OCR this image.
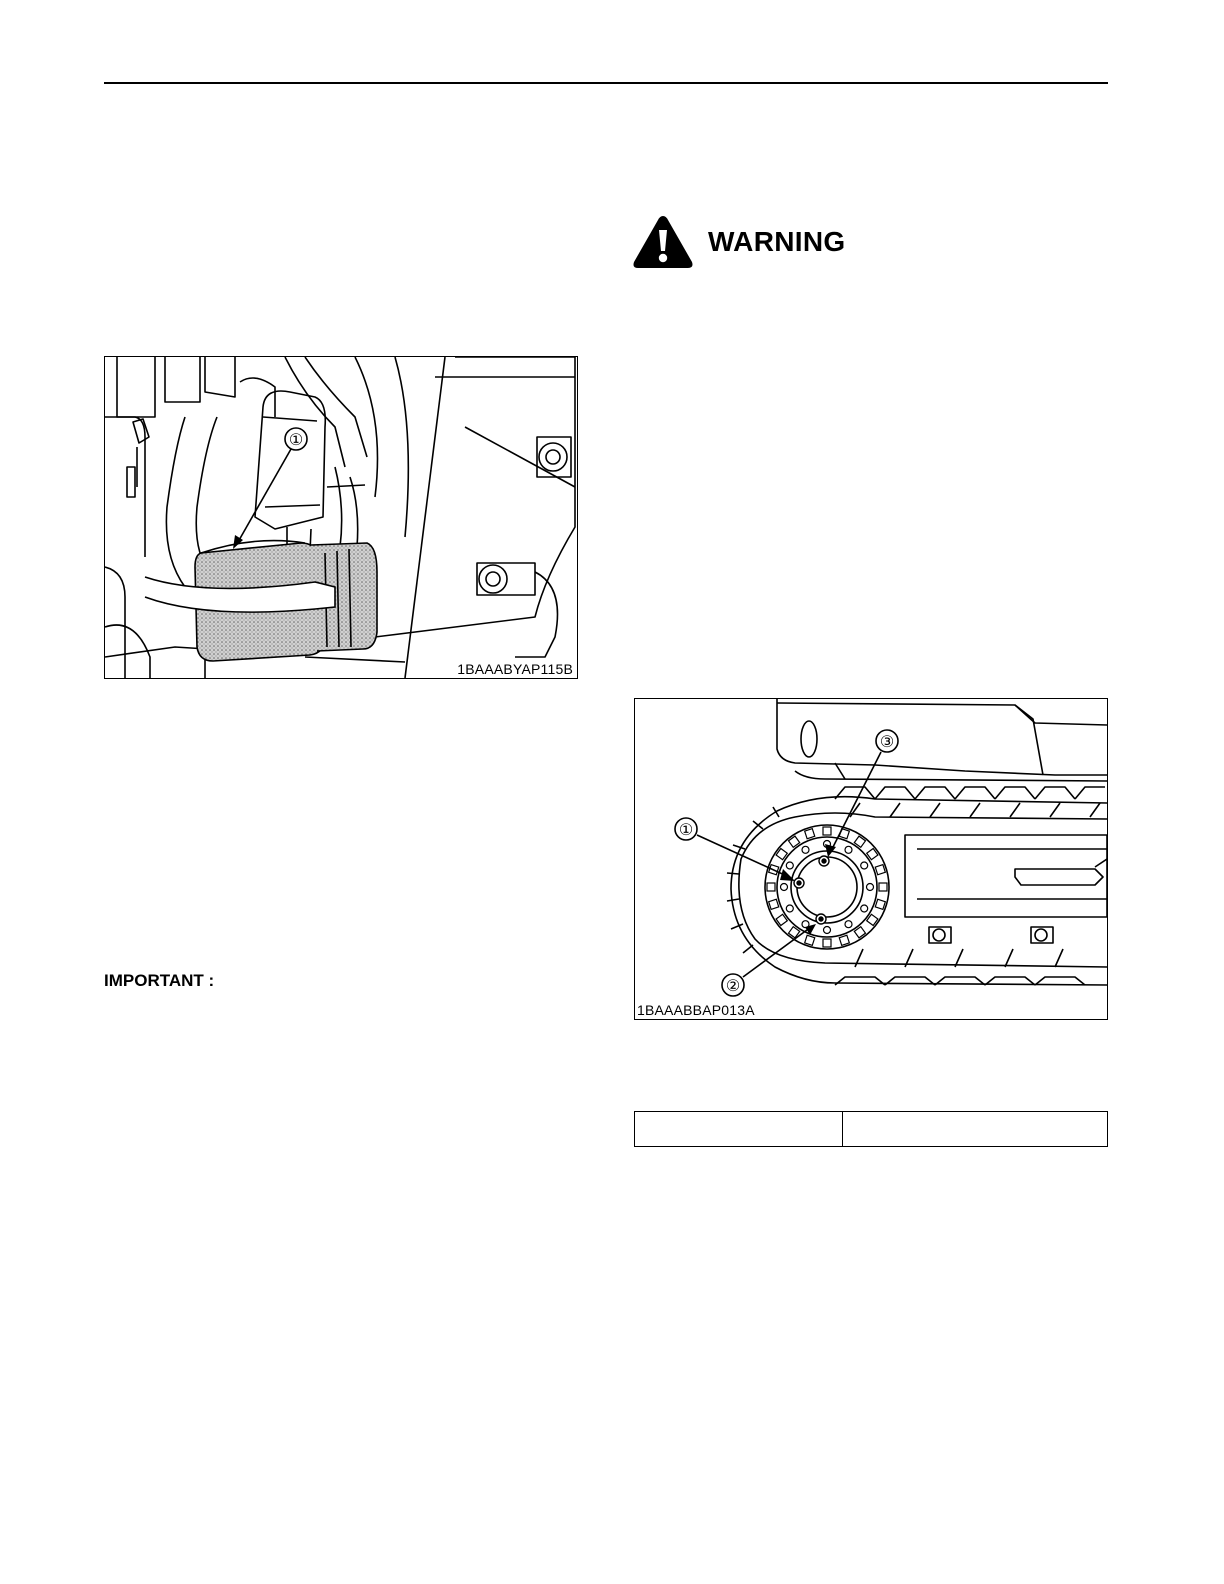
①
1BAAABYAP115B
WARNING
IMPORTANT :
①
②
③
1BAAABBAP013A
